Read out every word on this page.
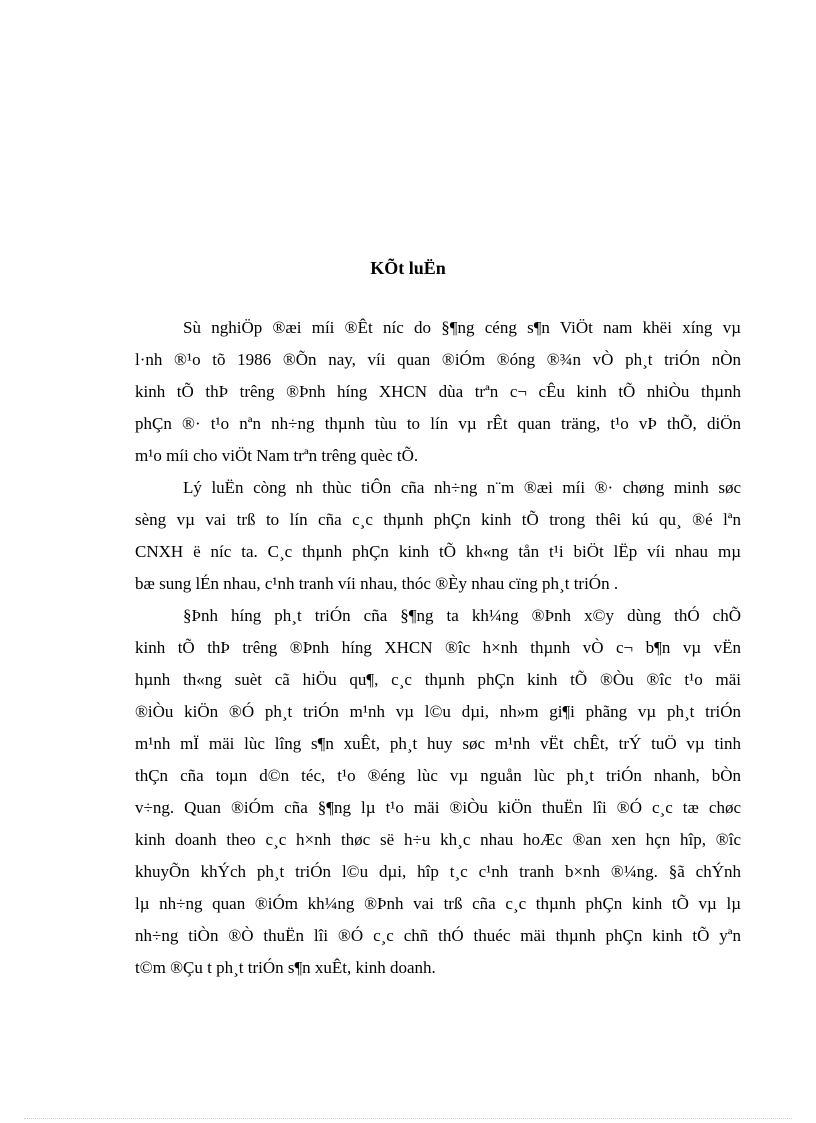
KÕt luËn
Sù nghiÖp ®æi míi ®Êt níc do §¶ng céng s¶n ViÖt nam khëi xíng vµ
l·nh ®¹o tõ 1986 ®Õn nay, víi quan ®iÓm ®óng ®¾n vÒ ph¸t triÓn nÒn
kinh tÕ thÞ trêng ®Þnh híng XHCN dùa trªn c¬ cÊu kinh tÕ nhiÒu thµnh
phÇn ®· t¹o nªn nh÷ng thµnh tùu to lín vµ rÊt quan träng, t¹o vÞ thÕ, diÖn
m¹o míi cho viÖt Nam trªn trêng quèc tÕ.
Lý luËn còng nh thùc tiÔn cña nh÷ng n¨m ®æi míi ®· chøng minh søc
sèng vµ vai trß to lín cña c¸c thµnh phÇn kinh tÕ trong thêi kú qu¸ ®é lªn
CNXH ë níc ta. C¸c thµnh phÇn kinh tÕ kh«ng tån t¹i biÖt lËp víi nhau mµ
bæ sung lÉn nhau, c¹nh tranh víi nhau, thóc ®Èy nhau cïng ph¸t triÓn .
§Þnh híng ph¸t triÓn cña §¶ng ta kh¼ng ®Þnh x©y dùng thÓ chÕ
kinh tÕ thÞ trêng ®Þnh híng XHCN ®îc h×nh thµnh vÒ c¬ b¶n vµ vËn
hµnh th«ng suèt cã hiÖu qu¶, c¸c thµnh phÇn kinh tÕ ®Òu ®îc t¹o mäi
®iÒu kiÖn ®Ó ph¸t triÓn m¹nh vµ l©u dµi, nh»m gi¶i phãng vµ ph¸t triÓn
m¹nh mÏ mäi lùc lîng s¶n xuÊt, ph¸t huy søc m¹nh vËt chÊt, trÝ tuÖ vµ tinh
thÇn cña toµn d©n téc, t¹o ®éng lùc vµ nguån lùc ph¸t triÓn nhanh, bÒn
v÷ng. Quan ®iÓm cña §¶ng lµ t¹o mäi ®iÒu kiÖn thuËn lîi ®Ó c¸c tæ chøc
kinh doanh theo c¸c h×nh thøc së h÷u kh¸c nhau hoÆc ®an xen hçn hîp, ®îc
khuyÕn khÝch ph¸t triÓn l©u dµi, hîp t¸c c¹nh tranh b×nh ®¼ng. §ã chÝnh
lµ nh÷ng quan ®iÓm kh¼ng ®Þnh vai trß cña c¸c thµnh phÇn kinh tÕ vµ lµ
nh÷ng tiÒn ®Ò thuËn lîi ®Ó c¸c chñ thÓ thuéc mäi thµnh phÇn kinh tÕ yªn
t©m ®Çu t ph¸t triÓn s¶n xuÊt, kinh doanh.
